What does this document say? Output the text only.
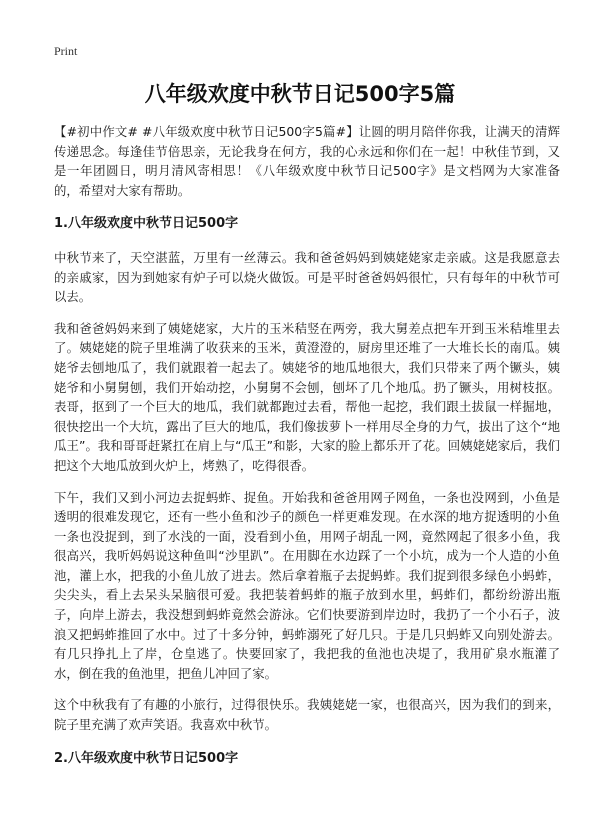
Print
八年级欢度中秋节日记500字5篇

【#初中作文# #八年级欢度中秋节日记500字5篇#】让圆的明月陪伴你我，让满天的清辉传递思念。每逢佳节倍思亲，无论我身在何方，我的心永远和你们在一起！中秋佳节到，又是一年团圆日，明月清风寄相思！《八年级欢度中秋节日记500字》是文档网为大家准备的，希望对大家有帮助。

1.八年级欢度中秋节日记500字

中秋节来了，天空湛蓝，万里有一丝薄云。我和爸爸妈妈到姨姥姥家走亲戚。这是我愿意去的亲戚家，因为到她家有炉子可以烧火做饭。可是平时爸爸妈妈很忙，只有每年的中秋节可以去。

我和爸爸妈妈来到了姨姥姥家，大片的玉米秸竖在两旁，我大舅差点把车开到玉米秸堆里去了。姨姥姥的院子里堆满了收获来的玉米，黄澄澄的，厨房里还堆了一大堆长长的南瓜。姨姥爷去刨地瓜了，我们就跟着一起去了。姨姥爷的地瓜地很大，我们只带来了两个镢头，姨姥爷和小舅舅刨，我们开始动挖，小舅舅不会刨，刨坏了几个地瓜。扔了镢头，用树枝抠。表哥，抠到了一个巨大的地瓜，我们就都跑过去看，帮他一起挖，我们跟土拔鼠一样掘地，很快挖出一个大坑，露出了巨大的地瓜，我们像拔萝卜一样用尽全身的力气，拔出了这个“地瓜王”。我和哥哥赶紧扛在肩上与“瓜王”和影，大家的脸上都乐开了花。回姨姥姥家后，我们把这个大地瓜放到火炉上，烤熟了，吃得很香。

下午，我们又到小河边去捉蚂蚱、捉鱼。开始我和爸爸用网子网鱼，一条也没网到，小鱼是透明的很难发现它，还有一些小鱼和沙子的颜色一样更难发现。在水深的地方捉透明的小鱼一条也没捉到，到了水浅的一面，没看到小鱼，用网子胡乱一网，竟然网起了很多小鱼，我很高兴，我听妈妈说这种鱼叫“沙里趴”。在用脚在水边踩了一个小坑，成为一个人造的小鱼池，灌上水，把我的小鱼儿放了进去。然后拿着瓶子去捉蚂蚱。我们捉到很多绿色小蚂蚱，尖尖头，看上去呆头呆脑很可爱。我把装着蚂蚱的瓶子放到水里，蚂蚱们，都纷纷游出瓶子，向岸上游去，我没想到蚂蚱竟然会游泳。它们快要游到岸边时，我扔了一个小石子，波浪又把蚂蚱推回了水中。过了十多分钟，蚂蚱溺死了好几只。于是几只蚂蚱又向别处游去。有几只挣扎上了岸，仓皇逃了。快要回家了，我把我的鱼池也决堤了，我用矿泉水瓶灌了水，倒在我的鱼池里，把鱼儿冲回了家。

这个中秋我有了有趣的小旅行，过得很快乐。我姨姥姥一家，也很高兴，因为我们的到来，院子里充满了欢声笑语。我喜欢中秋节。

2.八年级欢度中秋节日记500字
